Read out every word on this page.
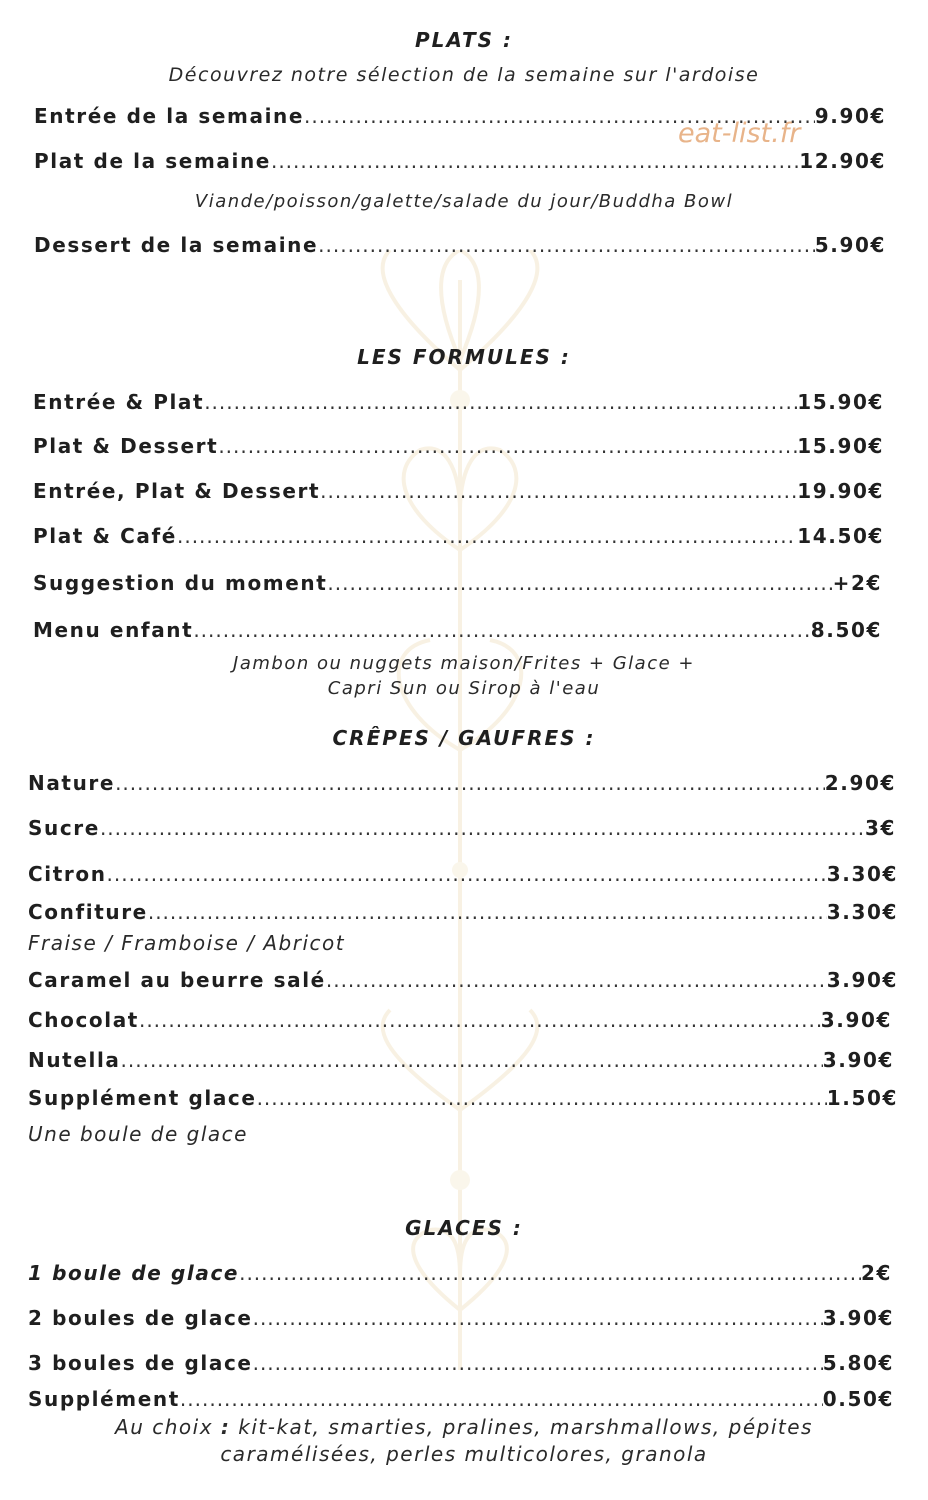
eat-list.fr
PLATS :
Découvrez notre sélection de la semaine sur l'ardoise
Entrée de la semaine .....	9.90€
Plat de la semaine .....	12.90€
Viande/poisson/galette/salade du jour/Buddha Bowl
Dessert de la semaine .....	5.90€
LES FORMULES :
Entrée & Plat .....	15.90€
Plat & Dessert .....	15.90€
Entrée, Plat & Dessert .....	19.90€
Plat & Café .....	14.50€
Suggestion du moment .....	+2€
Menu enfant .....	8.50€
Jambon ou nuggets maison/Frites + Glace +
Capri Sun ou Sirop à l'eau
CRÊPES / GAUFRES :
Nature .....	2.90€
Sucre .....	3€
Citron .....	3.30€
Confiture .....	3.30€
Fraise / Framboise / Abricot
Caramel au beurre salé .....	3.90€
Chocolat .....	3.90€
Nutella .....	3.90€
Supplément glace .....	1.50€
Une boule de glace
GLACES :
1 boule de glace .....	2€
2 boules de glace .....	3.90€
3 boules de glace .....	5.80€
Supplément .....	0.50€
Au choix : kit-kat, smarties, pralines, marshmallows, pépites
caramélisées, perles multicolores, granola
